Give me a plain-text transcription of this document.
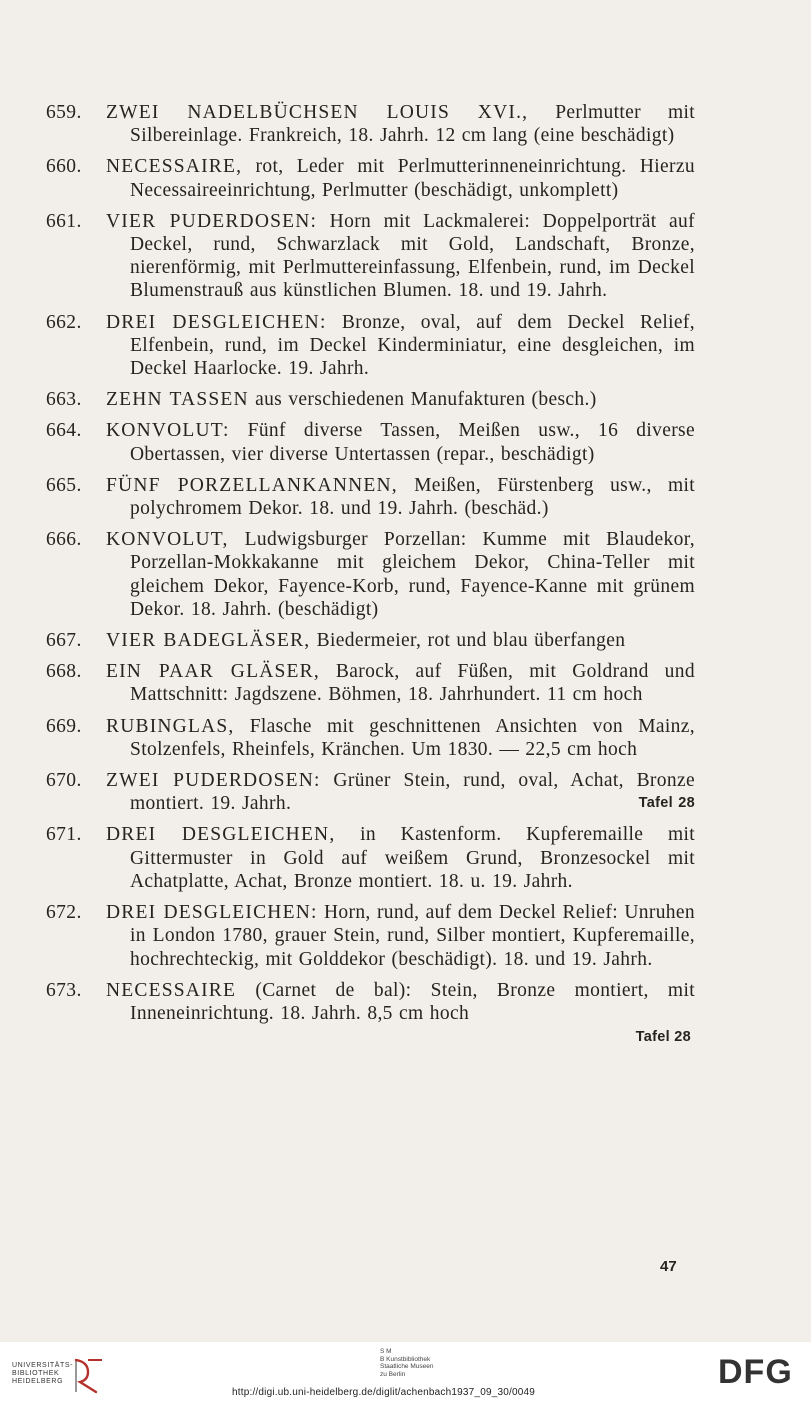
659.	ZWEI NADELBÜCHSEN LOUIS XVI., Perlmutter mit Silbereinlage. Frankreich, 18. Jahrh. 12 cm lang (eine beschädigt)
660.	NECESSAIRE, rot, Leder mit Perlmutterinneneinrichtung. Hierzu Necessaireeinrichtung, Perlmutter (beschädigt, unkomplett)
661.	VIER PUDERDOSEN: Horn mit Lackmalerei: Doppelporträt auf Deckel, rund, Schwarzlack mit Gold, Landschaft, Bronze, nierenförmig, mit Perlmuttereinfassung, Elfenbein, rund, im Deckel Blumenstrauß aus künstlichen Blumen. 18. und 19. Jahrh.
662.	DREI DESGLEICHEN: Bronze, oval, auf dem Deckel Relief, Elfenbein, rund, im Deckel Kinderminiatur, eine desgleichen, im Deckel Haarlocke. 19. Jahrh.
663.	ZEHN TASSEN aus verschiedenen Manufakturen (besch.)
664.	KONVOLUT: Fünf diverse Tassen, Meißen usw., 16 diverse Obertassen, vier diverse Untertassen (repar., beschädigt)
665.	FÜNF PORZELLANKANNEN, Meißen, Fürstenberg usw., mit polychromem Dekor. 18. und 19. Jahrh. (beschäd.)
666.	KONVOLUT, Ludwigsburger Porzellan: Kumme mit Blaudekor, Porzellan-Mokkakanne mit gleichem Dekor, China-Teller mit gleichem Dekor, Fayence-Korb, rund, Fayence-Kanne mit grünem Dekor. 18. Jahrh. (beschädigt)
667.	VIER BADEGLÄSER, Biedermeier, rot und blau überfangen
668.	EIN PAAR GLÄSER, Barock, auf Füßen, mit Goldrand und Mattschnitt: Jagdszene. Böhmen, 18. Jahrhundert. 11 cm hoch
669.	RUBINGLAS, Flasche mit geschnittenen Ansichten von Mainz, Stolzenfels, Rheinfels, Kränchen. Um 1830. — 22,5 cm hoch
670.	ZWEI PUDERDOSEN: Grüner Stein, rund, oval, Achat, Bronze montiert. 19. Jahrh.	Tafel 28
671.	DREI DESGLEICHEN, in Kastenform. Kupferemaille mit Gittermuster in Gold auf weißem Grund, Bronzesockel mit Achatplatte, Achat, Bronze montiert. 18. u. 19. Jahrh.
672.	DREI DESGLEICHEN: Horn, rund, auf dem Deckel Relief: Unruhen in London 1780, grauer Stein, rund, Silber montiert, Kupferemaille, hochrechteckig, mit Golddekor (beschädigt). 18. und 19. Jahrh.
673.	NECESSAIRE (Carnet de bal): Stein, Bronze montiert, mit Inneneinrichtung. 18. Jahrh. 8,5 cm hoch
Tafel 28
47
UNIVERSITÄTS-
BIBLIOTHEK
HEIDELBERG
S M
B Kunstbibliothek
Staatliche Museen
zu Berlin	DFG
http://digi.ub.uni-heidelberg.de/diglit/achenbach1937_09_30/0049
